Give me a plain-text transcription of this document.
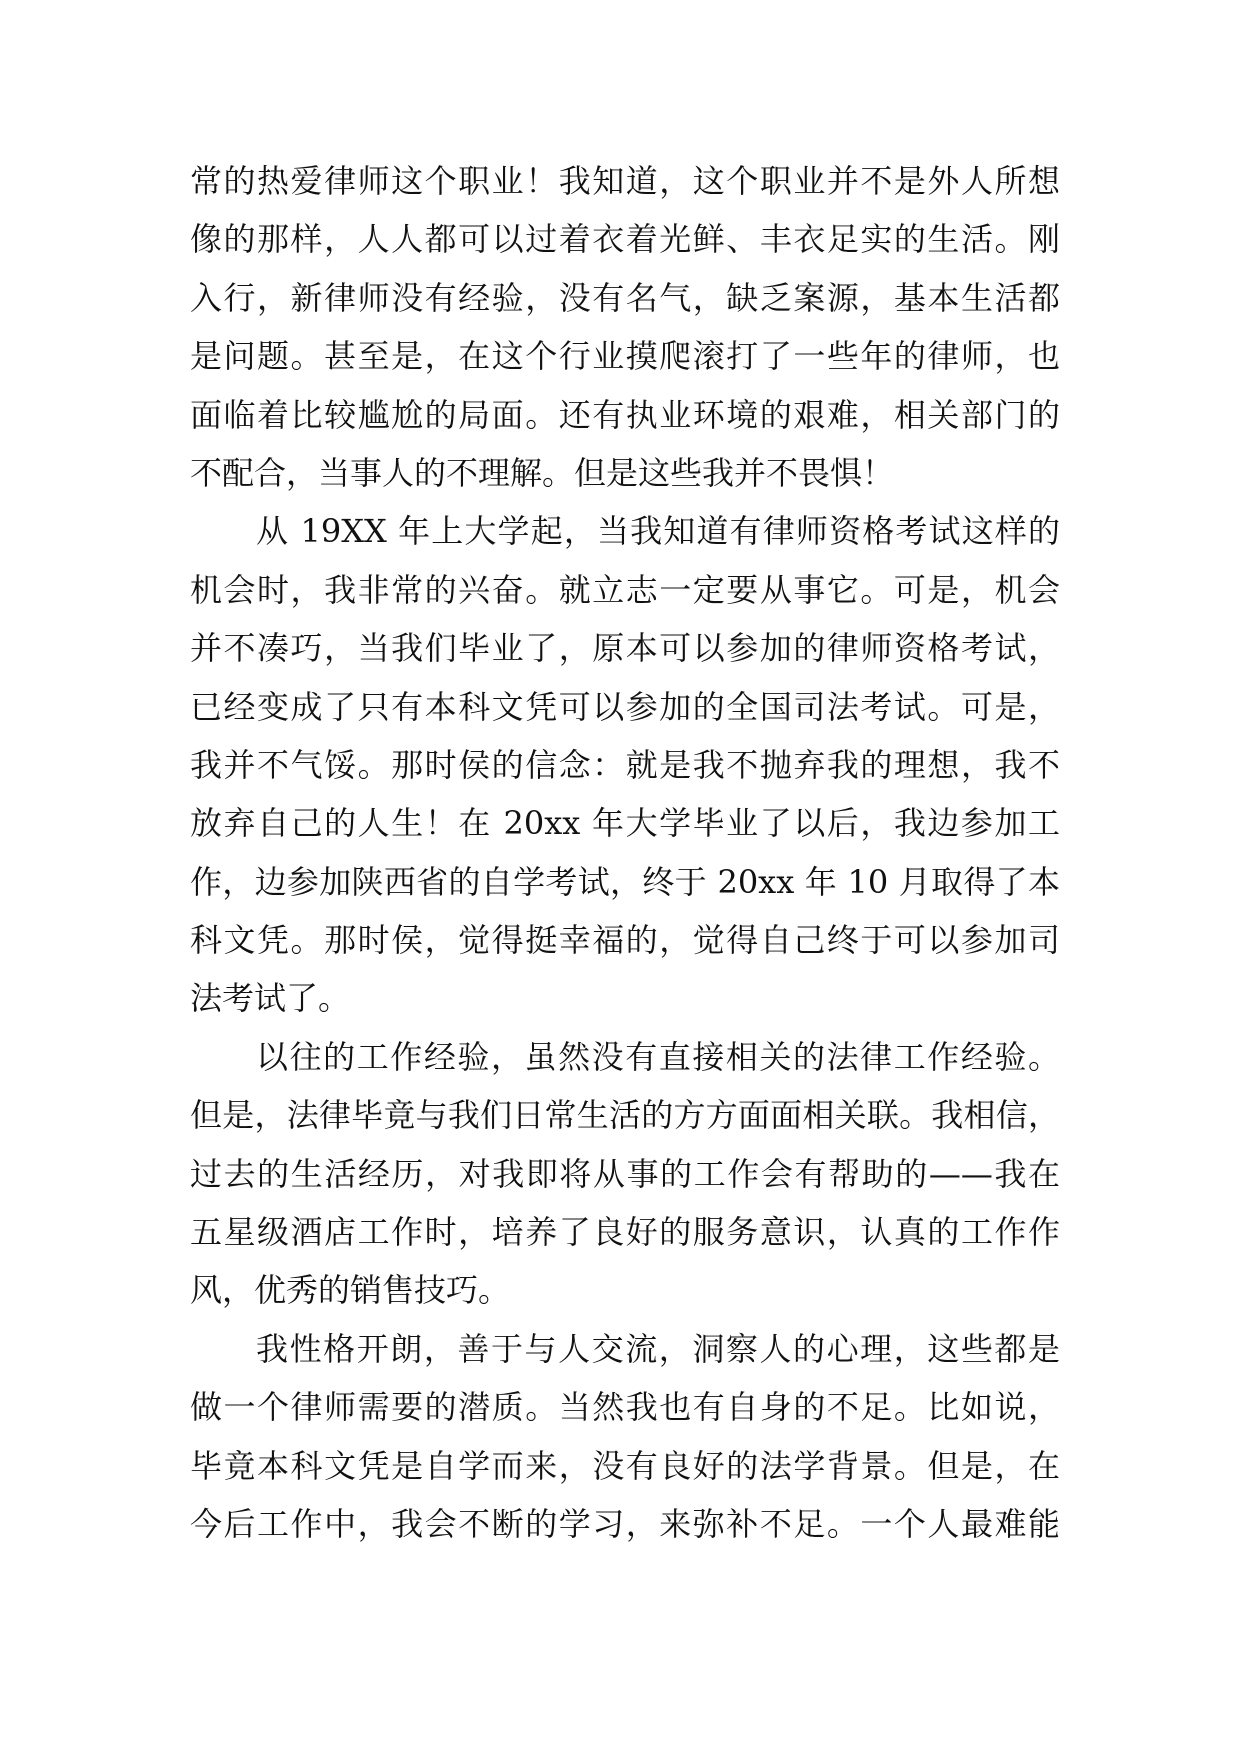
常的热爱律师这个职业！我知道，这个职业并不是外人所想
像的那样，人人都可以过着衣着光鲜、丰衣足实的生活。刚
入行，新律师没有经验，没有名气，缺乏案源，基本生活都
是问题。甚至是，在这个行业摸爬滚打了一些年的律师，也
面临着比较尴尬的局面。还有执业环境的艰难，相关部门的
不配合，当事人的不理解。但是这些我并不畏惧！
从 19XX 年上大学起，当我知道有律师资格考试这样的
机会时，我非常的兴奋。就立志一定要从事它。可是，机会
并不凑巧，当我们毕业了，原本可以参加的律师资格考试，
已经变成了只有本科文凭可以参加的全国司法考试。可是，
我并不气馁。那时侯的信念：就是我不抛弃我的理想，我不
放弃自己的人生！在 20xx 年大学毕业了以后，我边参加工
作，边参加陕西省的自学考试，终于 20xx 年 10 月取得了本
科文凭。那时侯，觉得挺幸福的，觉得自己终于可以参加司
法考试了。
以往的工作经验，虽然没有直接相关的法律工作经验。
但是，法律毕竟与我们日常生活的方方面面相关联。我相信，
过去的生活经历，对我即将从事的工作会有帮助的——我在
五星级酒店工作时，培养了良好的服务意识，认真的工作作
风，优秀的销售技巧。
我性格开朗，善于与人交流，洞察人的心理，这些都是
做一个律师需要的潜质。当然我也有自身的不足。比如说，
毕竟本科文凭是自学而来，没有良好的法学背景。但是，在
今后工作中，我会不断的学习，来弥补不足。一个人最难能
